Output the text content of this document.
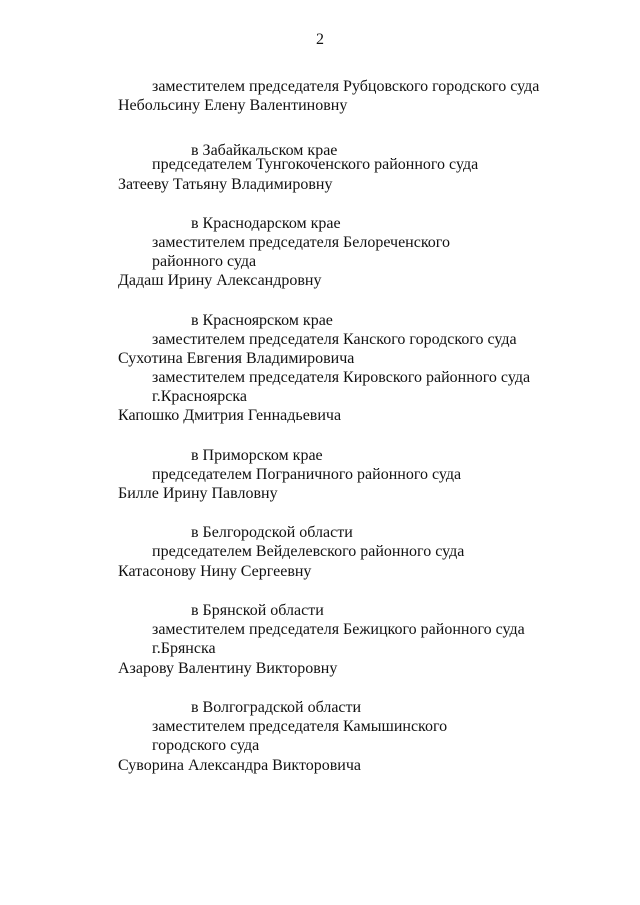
2
заместителем председателя Рубцовского городского суда
Небольсину Елену Валентиновну
в Забайкальском крае
председателем Тунгокоченского районного суда
Затееву Татьяну Владимировну
в Краснодарском крае
заместителем председателя Белореченского
районного суда
Дадаш Ирину Александровну
в Красноярском крае
заместителем председателя Канского городского суда
Сухотина Евгения Владимировича
заместителем председателя Кировского районного суда
г.Красноярска
Капошко Дмитрия Геннадьевича
в Приморском крае
председателем Пограничного районного суда
Билле Ирину Павловну
в Белгородской области
председателем Вейделевского районного суда
Катасонову Нину Сергеевну
в Брянской области
заместителем председателя Бежицкого районного суда
г.Брянска
Азарову Валентину Викторовну
в Волгоградской области
заместителем председателя Камышинского
городского суда
Суворина Александра Викторовича
